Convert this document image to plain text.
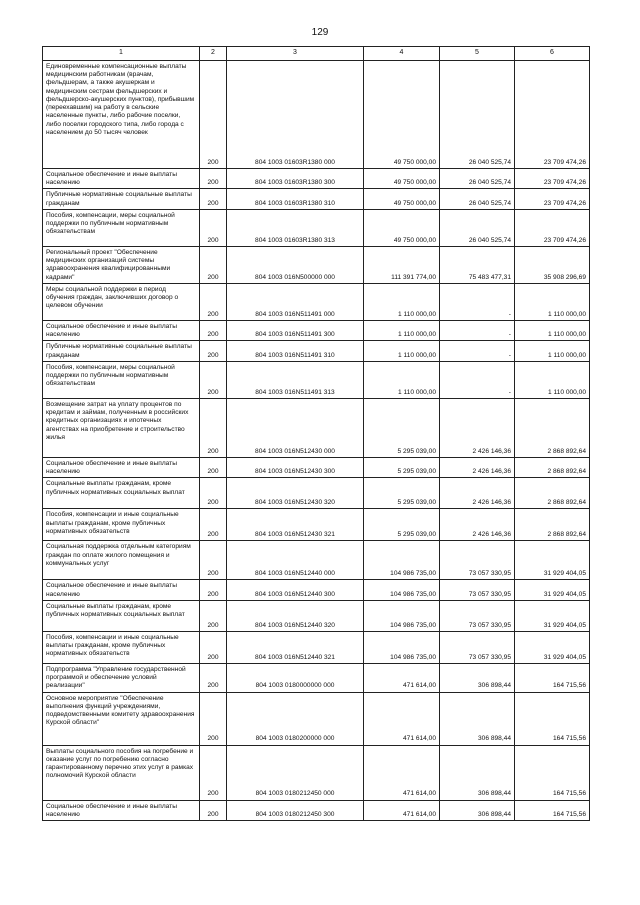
129
1	2	3	4	5	6
Единовременные компенсационные выплаты медицинским работникам (врачам, фельдшерам, а также акушеркам и медицинским сестрам фельдшерских и фельдшерско-акушерских пунктов), прибывшим (переехавшим) на работу в сельские населенные пункты, либо рабочие поселки, либо поселки городского типа, либо города с населением до 50 тысяч человек	200	804 1003 01603R1380 000	49 750 000,00	26 040 525,74	23 709 474,26
Социальное обеспечение и иные выплаты населению	200	804 1003 01603R1380 300	49 750 000,00	26 040 525,74	23 709 474,26
Публичные нормативные социальные выплаты гражданам	200	804 1003 01603R1380 310	49 750 000,00	26 040 525,74	23 709 474,26
Пособия, компенсации, меры социальной поддержки по публичным нормативным обязательствам	200	804 1003 01603R1380 313	49 750 000,00	26 040 525,74	23 709 474,26
Региональный проект "Обеспечение медицинских организаций системы здравоохранения квалифицированными кадрами"	200	804 1003 016N500000 000	111 391 774,00	75 483 477,31	35 908 296,69
Меры социальной поддержки в период обучения граждан, заключивших договор о целевом обучении	200	804 1003 016N511491 000	1 110 000,00	-	1 110 000,00
Социальное обеспечение и иные выплаты населению	200	804 1003 016N511491 300	1 110 000,00	-	1 110 000,00
Публичные нормативные социальные выплаты гражданам	200	804 1003 016N511491 310	1 110 000,00	-	1 110 000,00
Пособия, компенсации, меры социальной поддержки по публичным нормативным обязательствам	200	804 1003 016N511491 313	1 110 000,00	-	1 110 000,00
Возмещение затрат на уплату процентов по кредитам и займам, полученным в российских кредитных организациях и ипотечных агентствах на приобретение и строительство жилья	200	804 1003 016N512430 000	5 295 039,00	2 426 146,36	2 868 892,64
Социальное обеспечение и иные выплаты населению	200	804 1003 016N512430 300	5 295 039,00	2 426 146,36	2 868 892,64
Социальные выплаты гражданам, кроме публичных нормативных социальных выплат	200	804 1003 016N512430 320	5 295 039,00	2 426 146,36	2 868 892,64
Пособия, компенсации и иные социальные выплаты гражданам, кроме публичных нормативных обязательств	200	804 1003 016N512430 321	5 295 039,00	2 426 146,36	2 868 892,64
Социальная поддержка отдельным категориям граждан по оплате жилого помещения и коммунальных услуг	200	804 1003 016N512440 000	104 986 735,00	73 057 330,95	31 929 404,05
Социальное обеспечение и иные выплаты населению	200	804 1003 016N512440 300	104 986 735,00	73 057 330,95	31 929 404,05
Социальные выплаты гражданам, кроме публичных нормативных социальных выплат	200	804 1003 016N512440 320	104 986 735,00	73 057 330,95	31 929 404,05
Пособия, компенсации и иные социальные выплаты гражданам, кроме публичных нормативных обязательств	200	804 1003 016N512440 321	104 986 735,00	73 057 330,95	31 929 404,05
Подпрограмма "Управление государственной программой и обеспечение условий реализации"	200	804 1003 0180000000 000	471 614,00	306 898,44	164 715,56
Основное мероприятие "Обеспечение выполнения функций учреждениями, подведомственными комитету здравоохранения Курской области"	200	804 1003 0180200000 000	471 614,00	306 898,44	164 715,56
Выплаты социального пособия на погребение и оказание услуг по погребению согласно гарантированному перечню этих услуг в рамках полномочий Курской области	200	804 1003 0180212450 000	471 614,00	306 898,44	164 715,56
Социальное обеспечение и иные выплаты населению	200	804 1003 0180212450 300	471 614,00	306 898,44	164 715,56
